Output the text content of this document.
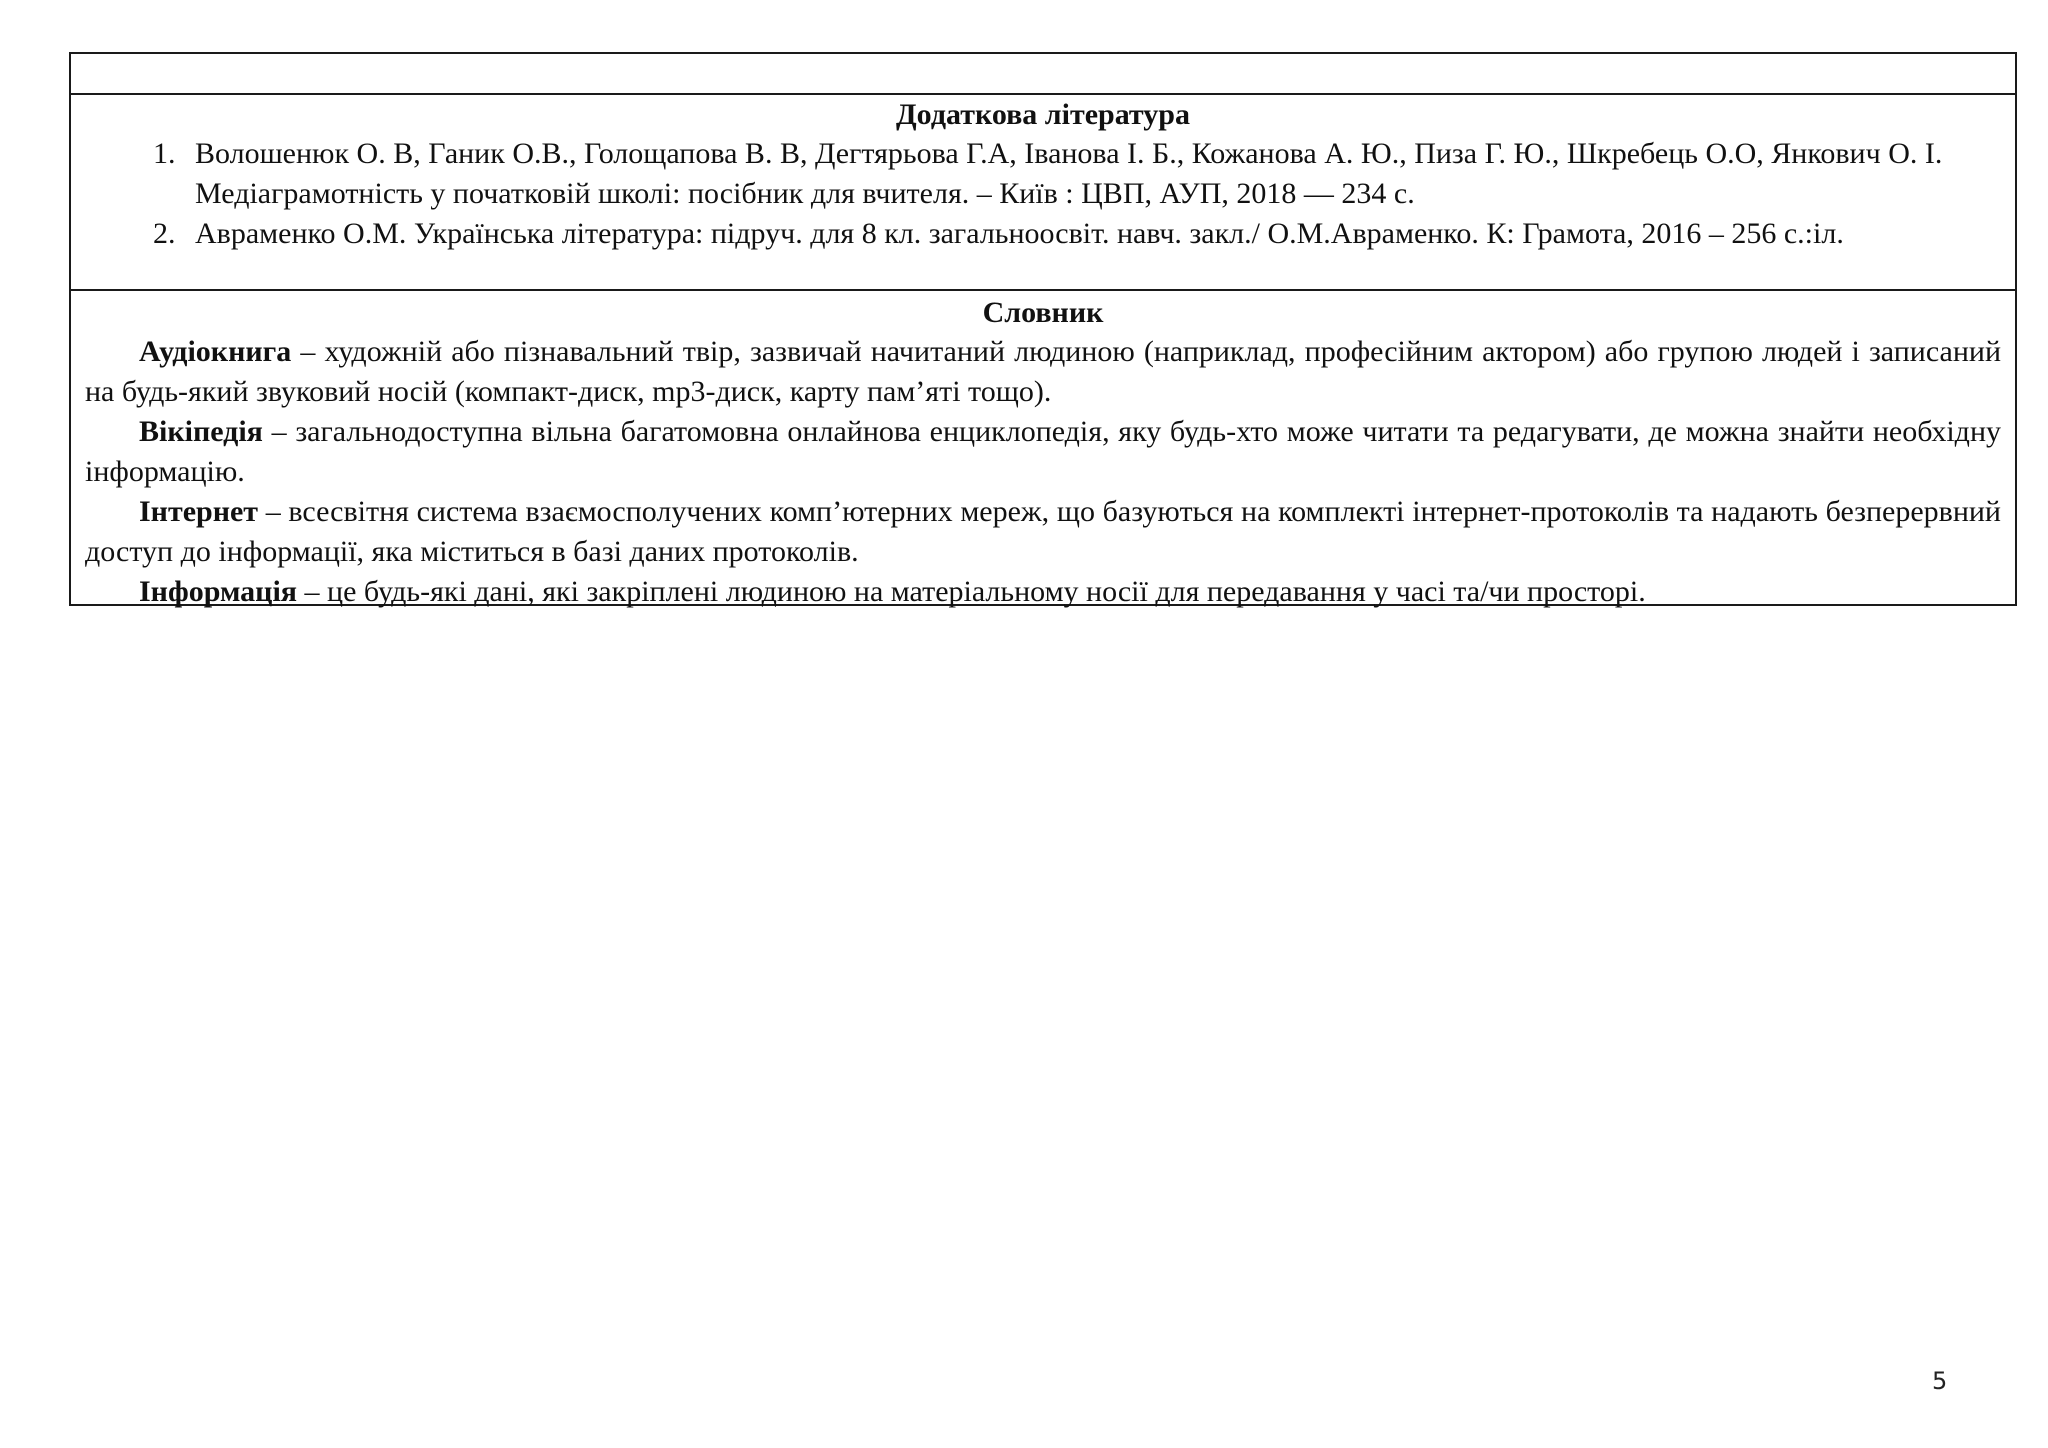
Додаткова література

1. Волошенюк О. В, Ганик О.В., Голощапова В. В, Дегтярьова Г.А, Іванова І. Б., Кожанова А. Ю., Пиза Г. Ю., Шкребець О.О, Янкович О. І. Медіаграмотність у початковій школі: посібник для вчителя. – Київ : ЦВП, АУП, 2018 — 234 с.
2. Авраменко О.М. Українська література: підруч. для 8 кл. загальноосвіт. навч. закл./ О.М.Авраменко. К: Грамота, 2016 – 256 с.:іл.

Словник

Аудіокнига – художній або пізнавальний твір, зазвичай начитаний людиною (наприклад, професійним актором) або групою людей і записаний на будь-який звуковий носій (компакт-диск, mp3-диск, карту пам’яті тощо).

Вікіпедія – загальнодоступна вільна багатомовна онлайнова енциклопедія, яку будь-хто може читати та редагувати, де можна знайти необхідну інформацію.

Інтернет – всесвітня система взаємосполучених комп’ютерних мереж, що базуються на комплекті інтернет-протоколів та надають безперервний доступ до інформації, яка міститься в базі даних протоколів.

Інформація – це будь-які дані, які закріплені людиною на матеріальному носії для передавання у часі та/чи просторі.

5
